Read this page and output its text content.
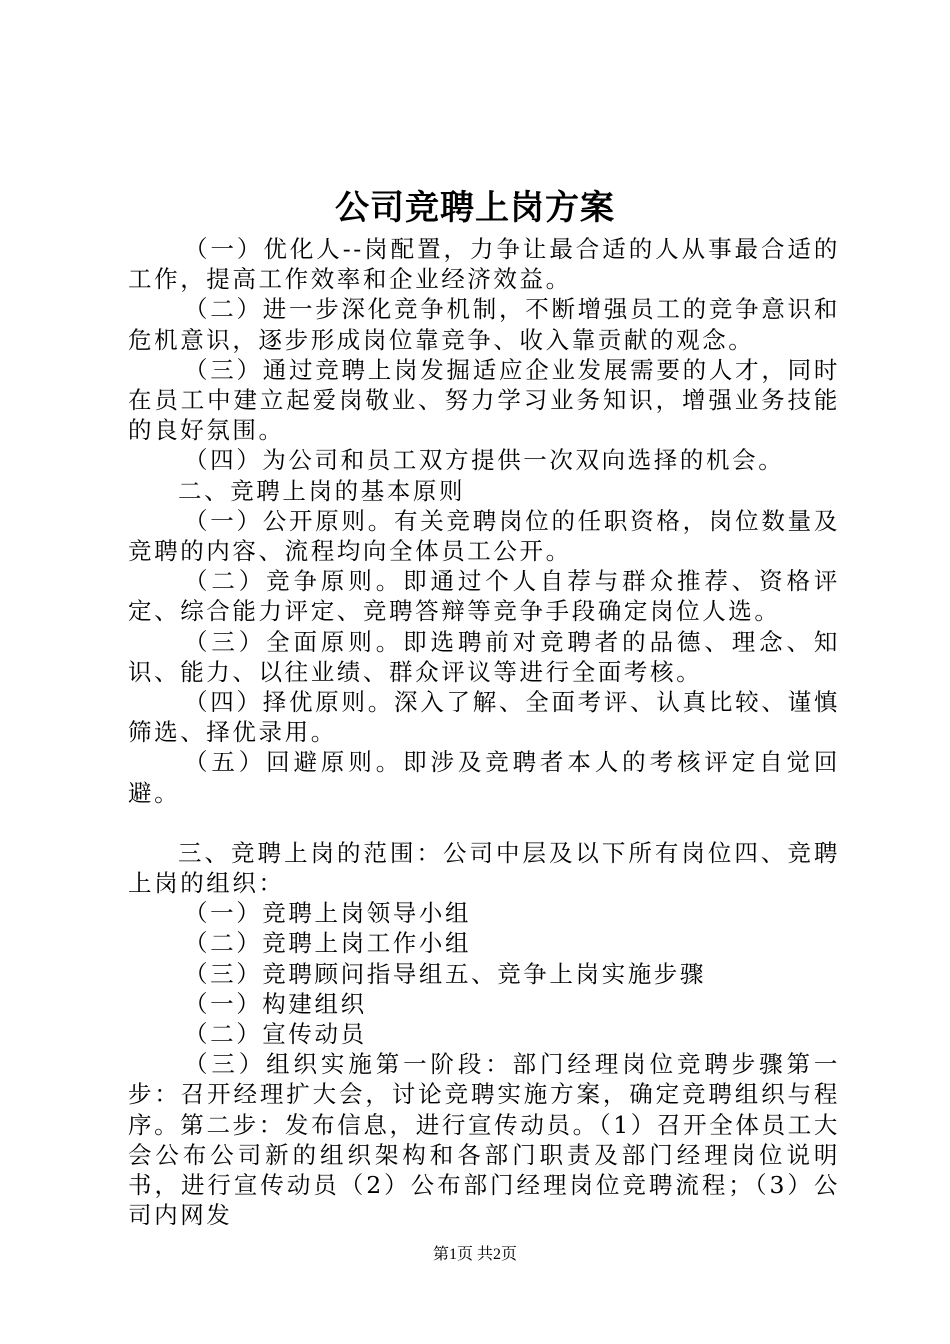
公司竞聘上岗方案

（一）优化人--岗配置，力争让最合适的人从事最合适的工作，提高工作效率和企业经济效益。

（二）进一步深化竞争机制，不断增强员工的竞争意识和危机意识，逐步形成岗位靠竞争、收入靠贡献的观念。

（三）通过竞聘上岗发掘适应企业发展需要的人才，同时在员工中建立起爱岗敬业、努力学习业务知识，增强业务技能的良好氛围。

（四）为公司和员工双方提供一次双向选择的机会。

二、竞聘上岗的基本原则

（一）公开原则。有关竞聘岗位的任职资格，岗位数量及竞聘的内容、流程均向全体员工公开。

（二）竞争原则。即通过个人自荐与群众推荐、资格评定、综合能力评定、竞聘答辩等竞争手段确定岗位人选。

（三）全面原则。即选聘前对竞聘者的品德、理念、知识、能力、以往业绩、群众评议等进行全面考核。

（四）择优原则。深入了解、全面考评、认真比较、谨慎筛选、择优录用。

（五）回避原则。即涉及竞聘者本人的考核评定自觉回避。

三、竞聘上岗的范围：公司中层及以下所有岗位四、竞聘上岗的组织：

（一）竞聘上岗领导小组

（二）竞聘上岗工作小组

（三）竞聘顾问指导组五、竞争上岗实施步骤

（一）构建组织

（二）宣传动员

（三）组织实施第一阶段：部门经理岗位竞聘步骤第一步：召开经理扩大会，讨论竞聘实施方案，确定竞聘组织与程序。第二步：发布信息，进行宣传动员。（1）召开全体员工大会公布公司新的组织架构和各部门职责及部门经理岗位说明书，进行宣传动员（2）公布部门经理岗位竞聘流程；（3）公司内网发

第1页 共2页
